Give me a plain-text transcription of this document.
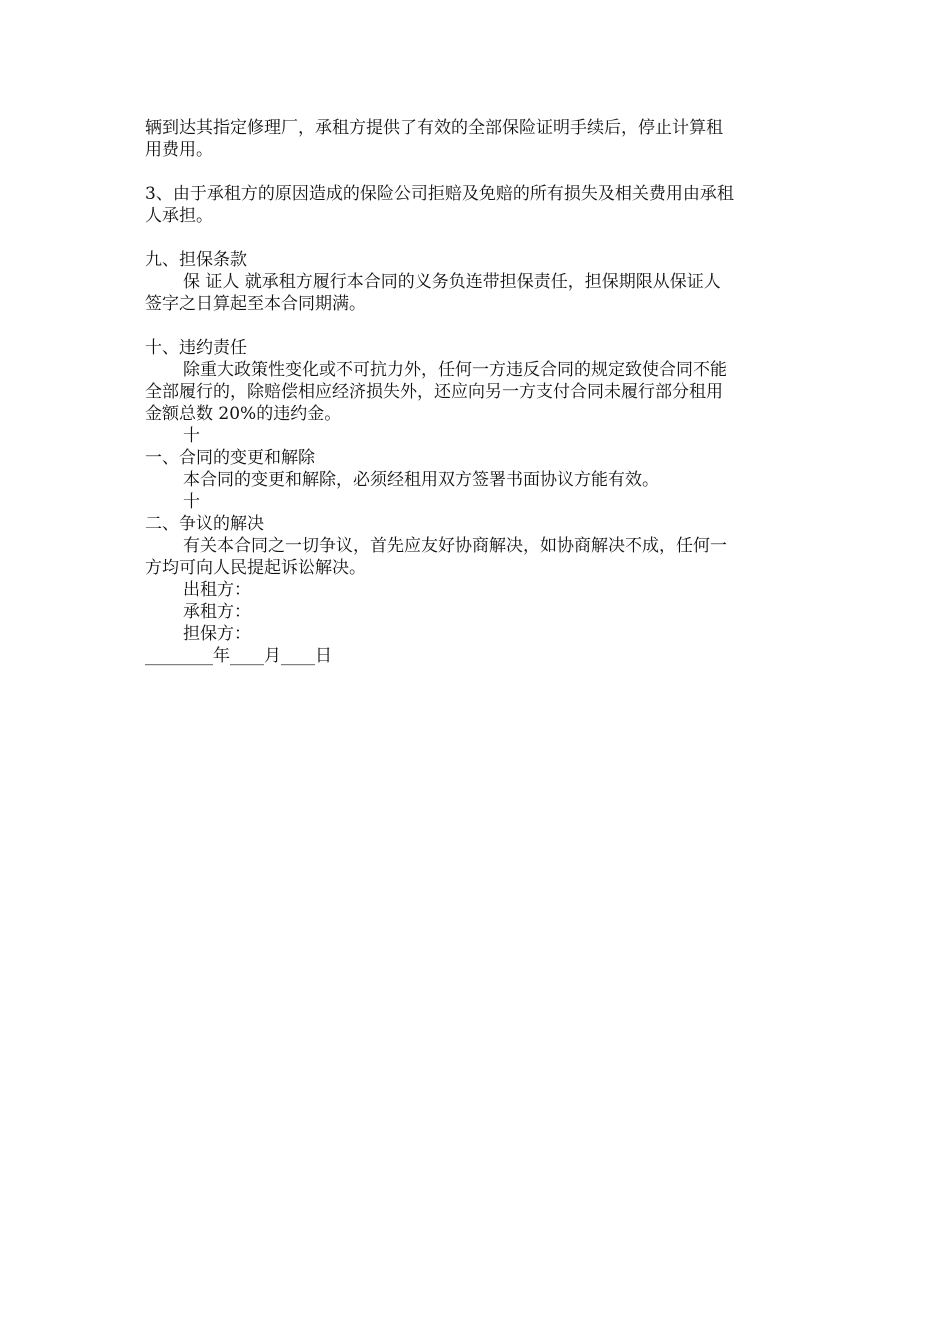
辆到达其指定修理厂，承租方提供了有效的全部保险证明手续后，停止计算租
用费用。
3、由于承租方的原因造成的保险公司拒赔及免赔的所有损失及相关费用由承租
人承担。
九、担保条款
保 证人 就承租方履行本合同的义务负连带担保责任，担保期限从保证人
签字之日算起至本合同期满。
十、违约责任
除重大政策性变化或不可抗力外，任何一方违反合同的规定致使合同不能
全部履行的，除赔偿相应经济损失外，还应向另一方支付合同未履行部分租用
金额总数 20%的违约金。
十
一、合同的变更和解除
本合同的变更和解除，必须经租用双方签署书面协议方能有效。
十
二、争议的解决
有关本合同之一切争议，首先应友好协商解决，如协商解决不成，任何一
方均可向人民提起诉讼解决。
出租方：
承租方：
担保方：
________年____月____日
